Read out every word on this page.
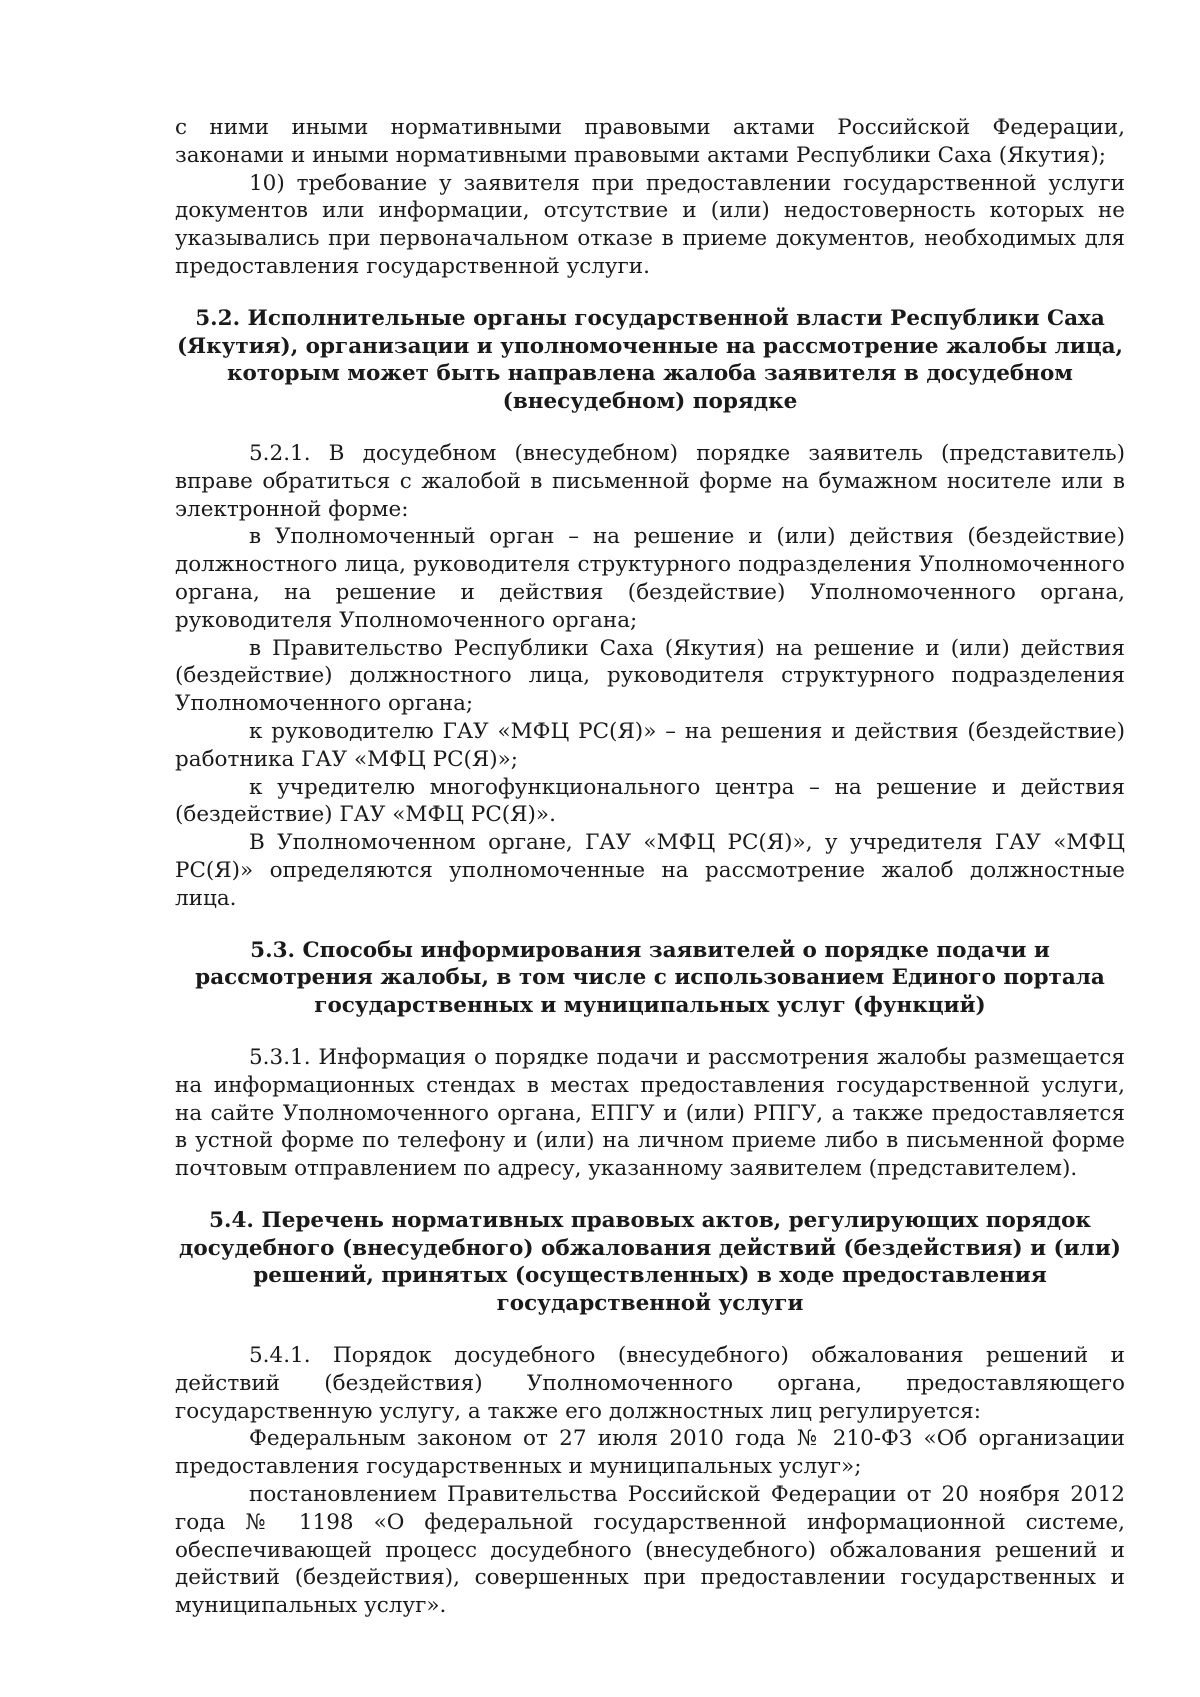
с ними иными нормативными правовыми актами Российской Федерации, законами и иными нормативными правовыми актами Республики Саха (Якутия);

10) требование у заявителя при предоставлении государственной услуги документов или информации, отсутствие и (или) недостоверность которых не указывались при первоначальном отказе в приеме документов, необходимых для предоставления государственной услуги.

5.2. Исполнительные органы государственной власти Республики Саха (Якутия), организации и уполномоченные на рассмотрение жалобы лица, которым может быть направлена жалоба заявителя в досудебном (внесудебном) порядке

5.2.1. В досудебном (внесудебном) порядке заявитель (представитель) вправе обратиться с жалобой в письменной форме на бумажном носителе или в электронной форме:

в Уполномоченный орган – на решение и (или) действия (бездействие) должностного лица, руководителя структурного подразделения Уполномоченного органа, на решение и действия (бездействие) Уполномоченного органа, руководителя Уполномоченного органа;

в Правительство Республики Саха (Якутия) на решение и (или) действия (бездействие) должностного лица, руководителя структурного подразделения Уполномоченного органа;

к руководителю ГАУ «МФЦ РС(Я)» – на решения и действия (бездействие) работника ГАУ «МФЦ РС(Я)»;

к учредителю многофункционального центра – на решение и действия (бездействие) ГАУ «МФЦ РС(Я)».

В Уполномоченном органе, ГАУ «МФЦ РС(Я)», у учредителя ГАУ «МФЦ РС(Я)» определяются уполномоченные на рассмотрение жалоб должностные лица.

5.3. Способы информирования заявителей о порядке подачи и рассмотрения жалобы, в том числе с использованием Единого портала государственных и муниципальных услуг (функций)

5.3.1. Информация о порядке подачи и рассмотрения жалобы размещается на информационных стендах в местах предоставления государственной услуги, на сайте Уполномоченного органа, ЕПГУ и (или) РПГУ, а также предоставляется в устной форме по телефону и (или) на личном приеме либо в письменной форме почтовым отправлением по адресу, указанному заявителем (представителем).

5.4. Перечень нормативных правовых актов, регулирующих порядок досудебного (внесудебного) обжалования действий (бездействия) и (или) решений, принятых (осуществленных) в ходе предоставления государственной услуги

5.4.1. Порядок досудебного (внесудебного) обжалования решений и действий (бездействия) Уполномоченного органа, предоставляющего государственную услугу, а также его должностных лиц регулируется:

Федеральным законом от 27 июля 2010 года № 210-ФЗ «Об организации предоставления государственных и муниципальных услуг»;

постановлением Правительства Российской Федерации от 20 ноября 2012 года № 1198 «О федеральной государственной информационной системе, обеспечивающей процесс досудебного (внесудебного) обжалования решений и действий (бездействия), совершенных при предоставлении государственных и муниципальных услуг».
